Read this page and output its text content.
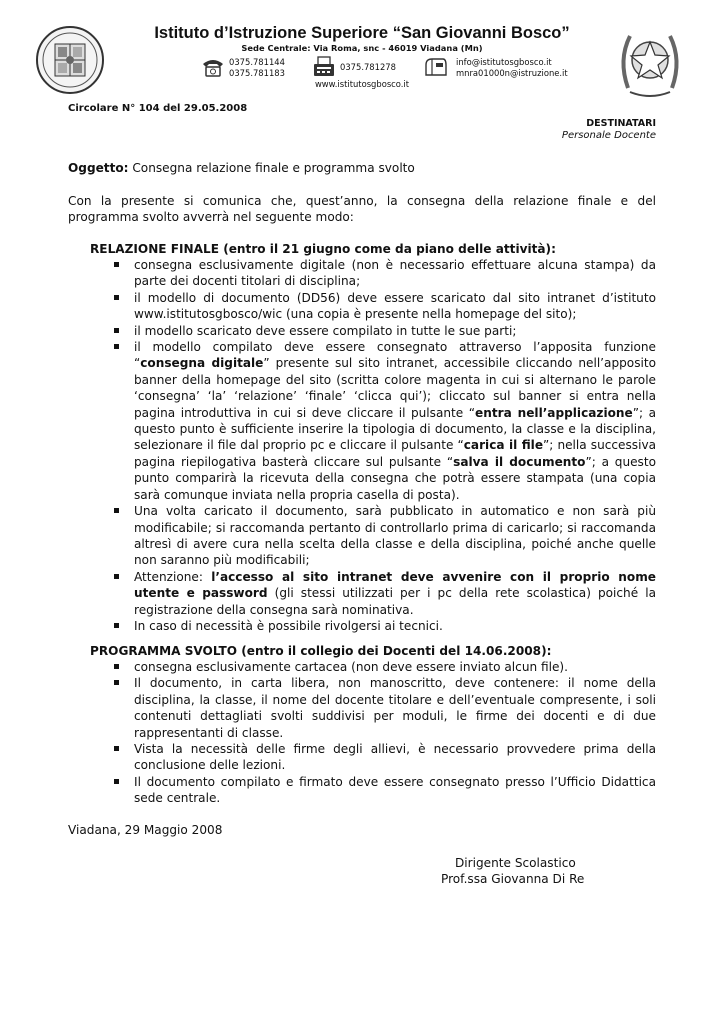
Istituto d’Istruzione Superiore “San Giovanni Bosco”
Sede Centrale: Via Roma, snc - 46019 Viadana (Mn)
0375.781144
0375.781183
0375.781278	info@istitutosgbosco.it
mnra01000n@istruzione.it
www.istitutosgbosco.it
Circolare N° 104 del 29.05.2008
DESTINATARI
Personale Docente
Oggetto: Consegna relazione finale e programma svolto
Con la presente si comunica che, quest’anno, la consegna della relazione finale e del programma svolto avverrà nel seguente modo:
RELAZIONE FINALE (entro il 21 giugno come da piano delle attività):
consegna esclusivamente digitale (non è necessario effettuare alcuna stampa) da parte dei docenti titolari di disciplina;
il modello di documento (DD56) deve essere scaricato dal sito intranet d’istituto www.istitutosgbosco/wic (una copia è presente nella homepage del sito);
il modello scaricato deve essere compilato in tutte le sue parti;
il modello compilato deve essere consegnato attraverso l’apposita funzione “consegna digitale” presente sul sito intranet, accessibile cliccando nell’apposito banner della homepage del sito (scritta colore magenta in cui si alternano le parole ‘consegna’ ‘la’ ‘relazione’ ‘finale’ ‘clicca qui’); cliccato sul banner si entra nella pagina introduttiva in cui si deve cliccare il pulsante “entra nell’applicazione”; a questo punto è sufficiente inserire la tipologia di documento, la classe e la disciplina, selezionare il file dal proprio pc e cliccare il pulsante “carica il file”; nella successiva pagina riepilogativa basterà cliccare sul pulsante “salva il documento”; a questo punto comparirà la ricevuta della consegna che potrà essere stampata (una copia sarà comunque inviata nella propria casella di posta).
Una volta caricato il documento, sarà pubblicato in automatico e non sarà più modificabile; si raccomanda pertanto di controllarlo prima di caricarlo; si raccomanda altresì di avere cura nella scelta della classe e della disciplina, poiché anche quelle non saranno più modificabili;
Attenzione: l’accesso al sito intranet deve avvenire con il proprio nome utente e password (gli stessi utilizzati per i pc della rete scolastica) poiché la registrazione della consegna sarà nominativa.
In caso di necessità è possibile rivolgersi ai tecnici.
PROGRAMMA SVOLTO (entro il collegio dei Docenti del 14.06.2008):
consegna esclusivamente cartacea (non deve essere inviato alcun file).
Il documento, in carta libera, non manoscritto, deve contenere: il nome della disciplina, la classe, il nome del docente titolare e dell’eventuale compresente, i soli contenuti dettagliati svolti suddivisi per moduli, le firme dei docenti e di due rappresentanti di classe.
Vista la necessità delle firme degli allievi, è necessario provvedere prima della conclusione delle lezioni.
Il documento compilato e firmato deve essere consegnato presso l’Ufficio Didattica sede centrale.
Viadana, 29 Maggio 2008
Dirigente Scolastico
Prof.ssa Giovanna Di Re
